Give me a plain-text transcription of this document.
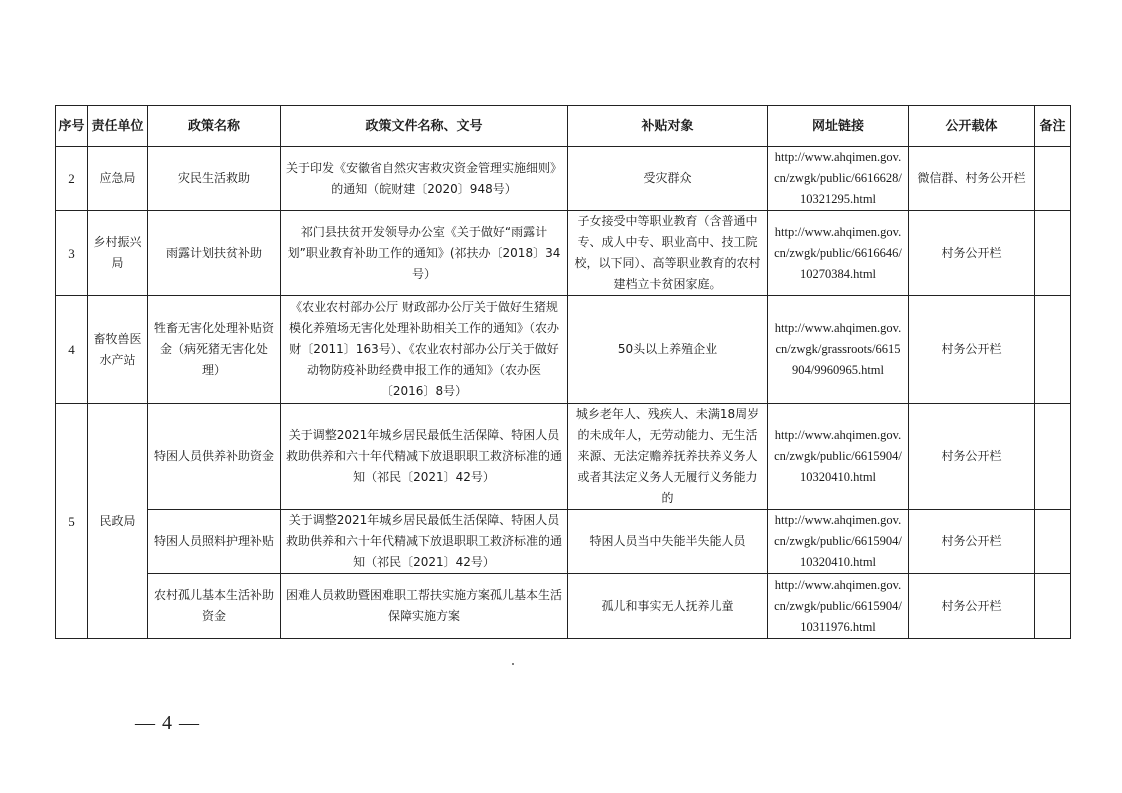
序号	责任单位	政策名称	政策文件名称、文号	补贴对象	网址链接	公开载体	备注
2	应急局	灾民生活救助	关于印发《安徽省自然灾害救灾资金管理实施细则》的通知（皖财建〔2020〕948号）	受灾群众	http://www.ahqimen.gov.cn/zwgk/public/6616628/10321295.html	微信群、村务公开栏	
3	乡村振兴局	雨露计划扶贫补助	祁门县扶贫开发领导办公室《关于做好“雨露计划”职业教育补助工作的通知》(祁扶办〔2018〕34号）	子女接受中等职业教育（含普通中专、成人中专、职业高中、技工院校，以下同）、高等职业教育的农村建档立卡贫困家庭。	http://www.ahqimen.gov.cn/zwgk/public/6616646/10270384.html	村务公开栏	
4	畜牧兽医水产站	牲畜无害化处理补贴资金（病死猪无害化处理）	《农业农村部办公厅 财政部办公厅关于做好生猪规模化养殖场无害化处理补助相关工作的通知》（农办财〔2011〕163号）、《农业农村部办公厅关于做好动物防疫补助经费申报工作的通知》（农办医〔2016〕8号）	50头以上养殖企业	http://www.ahqimen.gov.cn/zwgk/grassroots/6615904/9960965.html	村务公开栏	
5	民政局	特困人员供养补助资金	关于调整2021年城乡居民最低生活保障、特困人员救助供养和六十年代精减下放退职职工救济标准的通知（祁民〔2021〕42号）	城乡老年人、残疾人、未满18周岁的未成年人，无劳动能力、无生活来源、无法定赡养抚养扶养义务人或者其法定义务人无履行义务能力的	http://www.ahqimen.gov.cn/zwgk/public/6615904/10320410.html	村务公开栏	
		特困人员照料护理补贴	关于调整2021年城乡居民最低生活保障、特困人员救助供养和六十年代精减下放退职职工救济标准的通知（祁民〔2021〕42号）	特困人员当中失能半失能人员	http://www.ahqimen.gov.cn/zwgk/public/6615904/10320410.html	村务公开栏	
		农村孤儿基本生活补助资金	困难人员救助暨困难职工帮扶实施方案孤儿基本生活保障实施方案	孤儿和事实无人抚养儿童	http://www.ahqimen.gov.cn/zwgk/public/6615904/10311976.html	村务公开栏	
— 4 —
